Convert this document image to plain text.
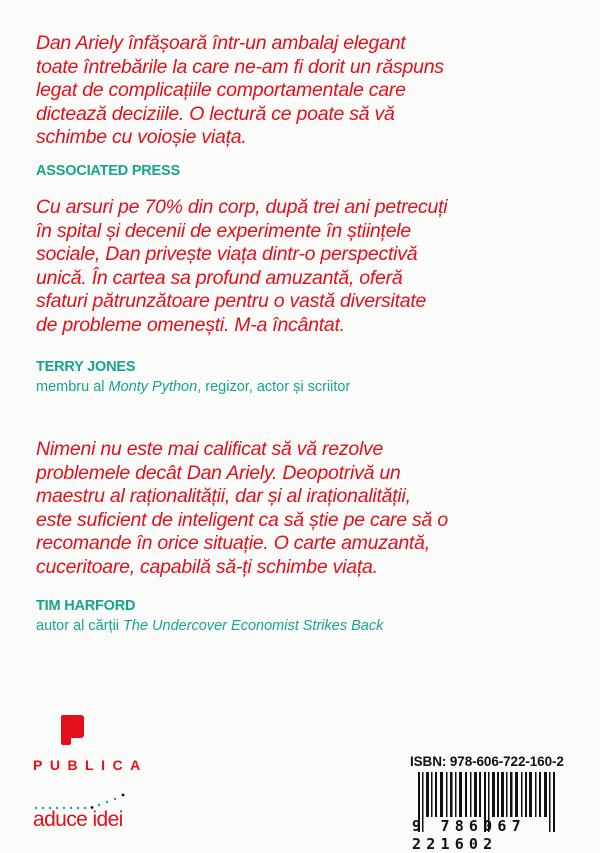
Dan Ariely înfășoară într-un ambalaj elegant
toate întrebările la care ne-am fi dorit un răspuns
legat de complicațiile comportamentale care
dictează deciziile. O lectură ce poate să vă
schimbe cu voioșie viața.

ASSOCIATED PRESS

Cu arsuri pe 70% din corp, după trei ani petrecuți
în spital și decenii de experimente în științele
sociale, Dan privește viața dintr-o perspectivă
unică. În cartea sa profund amuzantă, oferă
sfaturi pătrunzătoare pentru o vastă diversitate
de probleme omenești. M-a încântat.

TERRY JONES

membru al Monty Python, regizor, actor și scriitor

Nimeni nu este mai calificat să vă rezolve
problemele decât Dan Ariely. Deopotrivă un
maestru al raționalității, dar și al iraționalității,
este suficient de inteligent ca să știe pe care să o
recomande în orice situație. O carte amuzantă,
cuceritoare, capabilă să-ți schimbe viața.

TIM HARFORD

autor al cărții The Undercover Economist Strikes Back

PUBLICA
aduce idei
ISBN: 978-606-722-160-2
9 786067 221602
